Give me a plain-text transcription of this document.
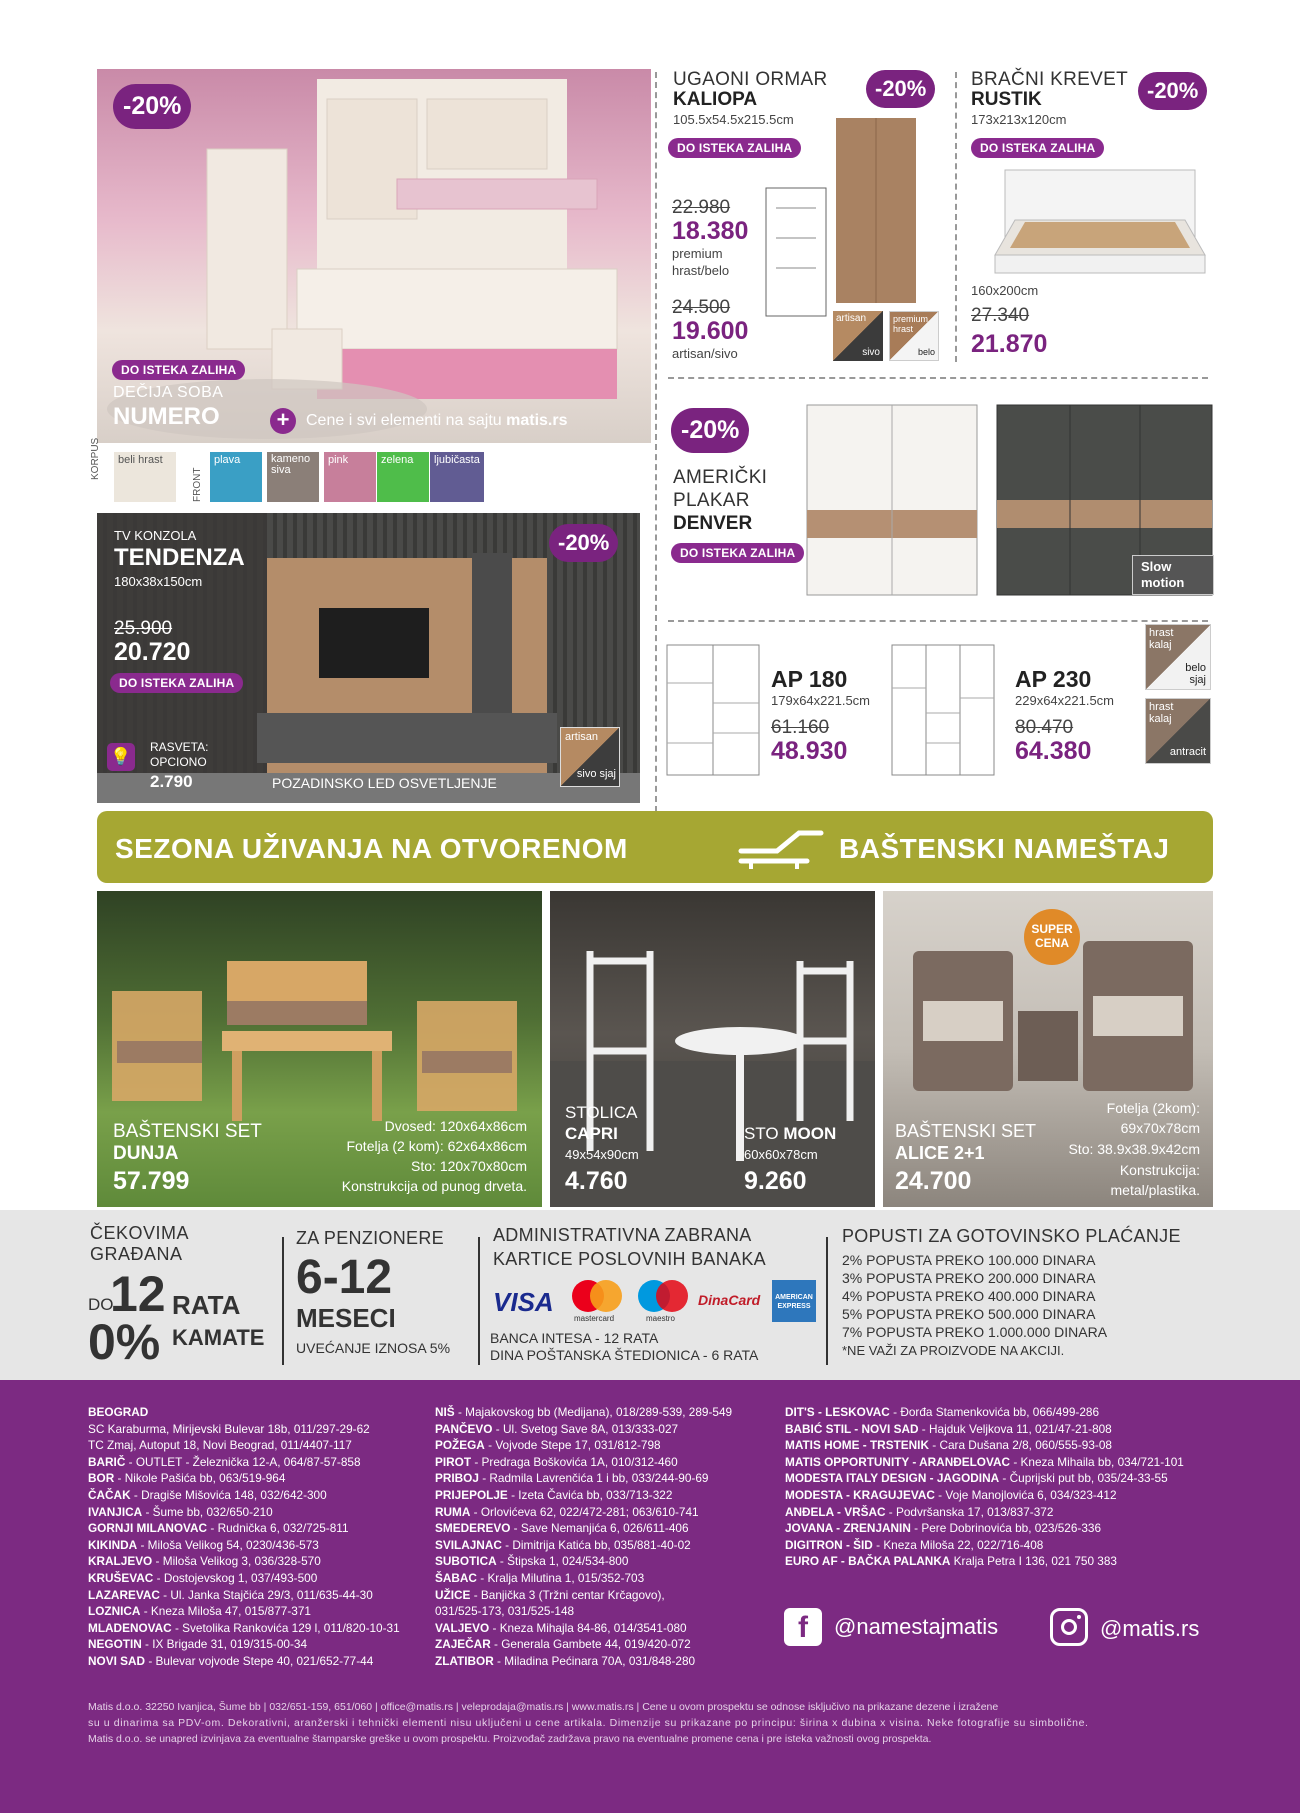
-20%
DO ISTEKA ZALIHA
DEČIJA SOBA
NUMERO	+	Cene i svi elementi na sajtu matis.rs
KORPUS	beli hrast
FRONT
plava	kameno siva
pink	zelena	ljubičasta
UGAONI ORMAR
KALIOPA
105.5x54.5x215.5cm
DO ISTEKA ZALIHA
-20%
22.980
18.380
premium
hrast/belo
24.500
19.600
artisan/sivo
artisan
sivo
premium hrast
belo
BRAČNI KREVET
RUSTIK
173x213x120cm
DO ISTEKA ZALIHA
-20%
160x200cm
27.340
21.870
-20%
AMERIČKI
PLAKAR
DENVER
DO ISTEKA ZALIHA
Slow
motion
TV KONZOLA
TENDENZA
180x38x150cm
25.900
20.720
DO ISTEKA ZALIHA
-20%
💡 RASVETA:
OPCIONO
2.790	POZADINSKO LED OSVETLJENJE
artisan
sivo sjaj
AP 180
179x64x221.5cm
61.160
48.930
AP 230
229x64x221.5cm
80.470
64.380
hrast kalaj
belo sjaj
hrast kalaj
antracit
SEZONA UŽIVANJA NA OTVORENOM	BAŠTENSKI NAMEŠTAJ
BAŠTENSKI SET
DUNJA
57.799
Dvosed: 120x64x86cm
Fotelja (2 kom): 62x64x86cm
Sto: 120x70x80cm
Konstrukcija od punog drveta.
STOLICA
CAPRI
49x54x90cm
4.760
STO MOON
60x60x78cm
9.260
SUPER
CENA
BAŠTENSKI SET
ALICE 2+1
24.700
Fotelja (2kom):
69x70x78cm
Sto: 38.9x38.9x42cm
Konstrukcija:
metal/plastika.
ČEKOVIMA
GRAĐANA
DO
12 RATA
0% KAMATE
ZA PENZIONERE
6-12
MESECI
UVEĆANJE IZNOSA 5%
ADMINISTRATIVNA ZABRANA
KARTICE POSLOVNIH BANAKA
VISA
mastercard	maestro
DinaCard	AMERICAN EXPRESS
BANCA INTESA - 12 RATA
DINA POŠTANSKA ŠTEDIONICA - 6 RATA
POPUSTI ZA GOTOVINSKO PLAĆANJE
2% POPUSTA PREKO 100.000 DINARA
3% POPUSTA PREKO 200.000 DINARA
4% POPUSTA PREKO 400.000 DINARA
5% POPUSTA PREKO 500.000 DINARA
7% POPUSTA PREKO 1.000.000 DINARA
*NE VAŽI ZA PROIZVODE NA AKCIJI.
BEOGRAD
SC Karaburma, Mirijevski Bulevar 18b, 011/297-29-62
TC Zmaj, Autoput 18, Novi Beograd, 011/4407-117
BARIČ - OUTLET - Železnička 12-A, 064/87-57-858
BOR - Nikole Pašića bb, 063/519-964
ČAČAK - Dragiše Mišovića 148, 032/642-300
IVANJICA - Šume bb, 032/650-210
GORNJI MILANOVAC - Rudnička 6, 032/725-811
KIKINDA - Miloša Velikog 54, 0230/436-573
KRALJEVO - Miloša Velikog 3, 036/328-570
KRUŠEVAC - Dostojevskog 1, 037/493-500
LAZAREVAC - Ul. Janka Stajčića 29/3, 011/635-44-30
LOZNICA - Kneza Miloša 47, 015/877-371
MLADENOVAC - Svetolika Rankovića 129 l, 011/820-10-31
NEGOTIN - IX Brigade 31, 019/315-00-34
NOVI SAD - Bulevar vojvode Stepe 40, 021/652-77-44
NIŠ - Majakovskog bb (Medijana), 018/289-539, 289-549
PANČEVO - Ul. Svetog Save 8A, 013/333-027
POŽEGA - Vojvode Stepe 17, 031/812-798
PIROT - Predraga Boškovića 1A, 010/312-460
PRIBOJ - Radmila Lavrenčića 1 i bb, 033/244-90-69
PRIJEPOLJE - Izeta Čavića bb, 033/713-322
RUMA - Orlovićeva 62, 022/472-281; 063/610-741
SMEDEREVO - Save Nemanjića 6, 026/611-406
SVILAJNAC - Dimitrija Katića bb, 035/881-40-02
SUBOTICA - Štipska 1, 024/534-800
ŠABAC - Kralja Milutina 1, 015/352-703
UŽICE - Banjička 3 (Tržni centar Krčagovo),
031/525-173, 031/525-148
VALJEVO - Kneza Mihajla 84-86, 014/3541-080
ZAJEČAR - Generala Gambete 44, 019/420-072
ZLATIBOR - Miladina Pećinara 70A, 031/848-280
DIT'S - LESKOVAC - Đorđa Stamenkovića bb, 066/499-286
BABIĆ STIL - NOVI SAD - Hajduk Veljkova 11, 021/47-21-808
MATIS HOME - TRSTENIK - Cara Dušana 2/8, 060/555-93-08
MATIS OPPORTUNITY - ARANĐELOVAC - Kneza Mihaila bb, 034/721-101
MODESTA ITALY DESIGN - JAGODINA - Čuprijski put bb, 035/24-33-55
MODESTA - KRAGUJEVAC - Voje Manojlovića 6, 034/323-412
ANĐELA - VRŠAC - Podvršanska 17, 013/837-372
JOVANA - ZRENJANIN - Pere Dobrinovića bb, 023/526-336
DIGITRON - ŠID - Kneza Miloša 22, 022/716-408
EURO AF - BAČKA PALANKA Kralja Petra I 136, 021 750 383
f	@namestajmatis	@matis.rs
Matis d.o.o. 32250 Ivanjica, Šume bb | 032/651-159, 651/060 | office@matis.rs | veleprodaja@matis.rs | www.matis.rs | Cene u ovom prospektu se odnose isključivo na prikazane dezene i izražene
su u dinarima sa PDV-om. Dekorativni, aranžerski i tehnički elementi nisu uključeni u cene artikala. Dimenzije su prikazane po principu: širina x dubina x visina. Neke fotografije su simbolične.
Matis d.o.o. se unapred izvinjava za eventualne štamparske greške u ovom prospektu. Proizvođač zadržava pravo na eventualne promene cena i pre isteka važnosti ovog prospekta.
